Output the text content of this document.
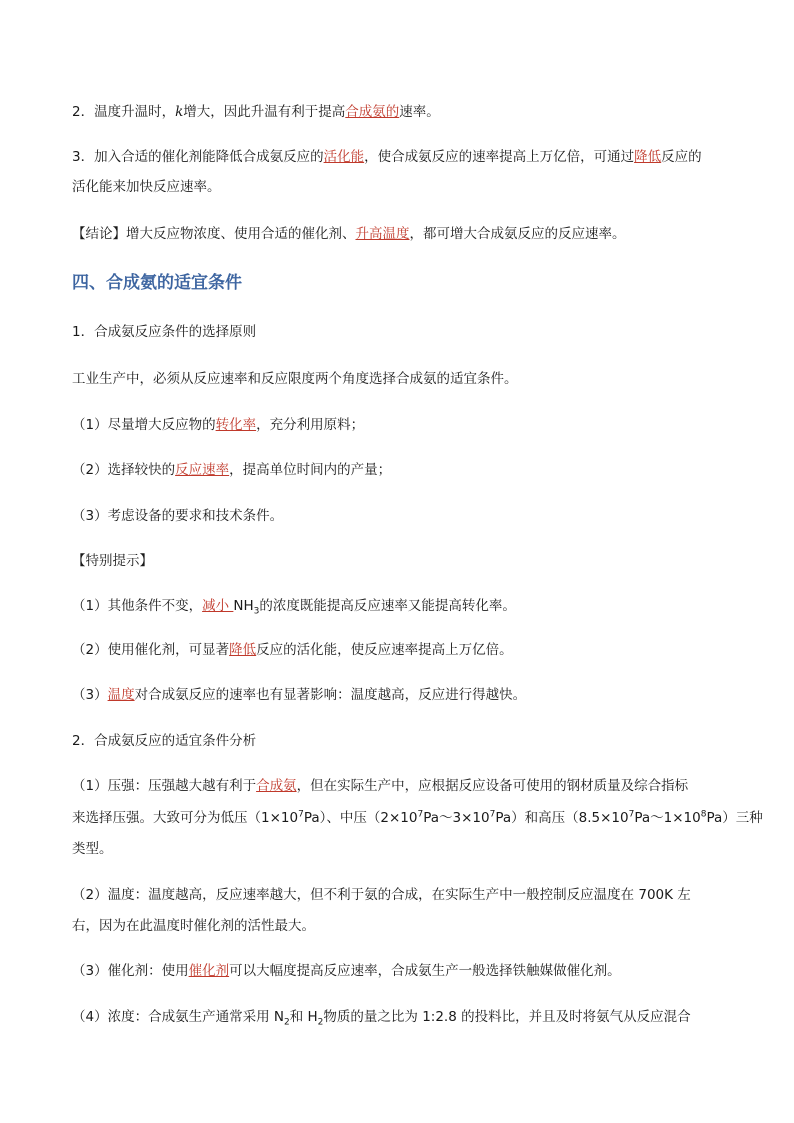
2．温度升温时，k增大，因此升温有利于提高合成氨的速率。
3．加入合适的催化剂能降低合成氨反应的活化能，使合成氨反应的速率提高上万亿倍，可通过降低反应的
活化能来加快反应速率。
【结论】增大反应物浓度、使用合适的催化剂、升高温度，都可增大合成氨反应的反应速率。
四、合成氨的适宜条件
1．合成氨反应条件的选择原则
工业生产中，必须从反应速率和反应限度两个角度选择合成氨的适宜条件。
（1）尽量增大反应物的转化率，充分利用原料；
（2）选择较快的反应速率，提高单位时间内的产量；
（3）考虑设备的要求和技术条件。
【特别提示】
（1）其他条件不变，减小 $NH_3$的浓度既能提高反应速率又能提高转化率。
（2）使用催化剂，可显著降低反应的活化能，使反应速率提高上万亿倍。
（3）温度对合成氨反应的速率也有显著影响：温度越高，反应进行得越快。
2．合成氨反应的适宜条件分析
（1）压强：压强越大越有利于合成氨，但在实际生产中，应根据反应设备可使用的钢材质量及综合指标
来选择压强。大致可分为低压$(1\times 10^7Pa)$、中压$(2\times 10^7Pa\sim 3\times 10^7Pa)$和高压$(8.5\times 10^7Pa\sim 1\times 10^8Pa)$三种
类型。
（2）温度：温度越高，反应速率越大，但不利于氨的合成，在实际生产中一般控制反应温度在 700K 左
右，因为在此温度时催化剂的活性最大。
（3）催化剂：使用催化剂可以大幅度提高反应速率，合成氨生产一般选择铁触媒做催化剂。
（4）浓度：合成氨生产通常采用 $N_2$和 $H_2$物质的量之比为 1:2.8 的投料比，并且及时将氨气从反应混合
